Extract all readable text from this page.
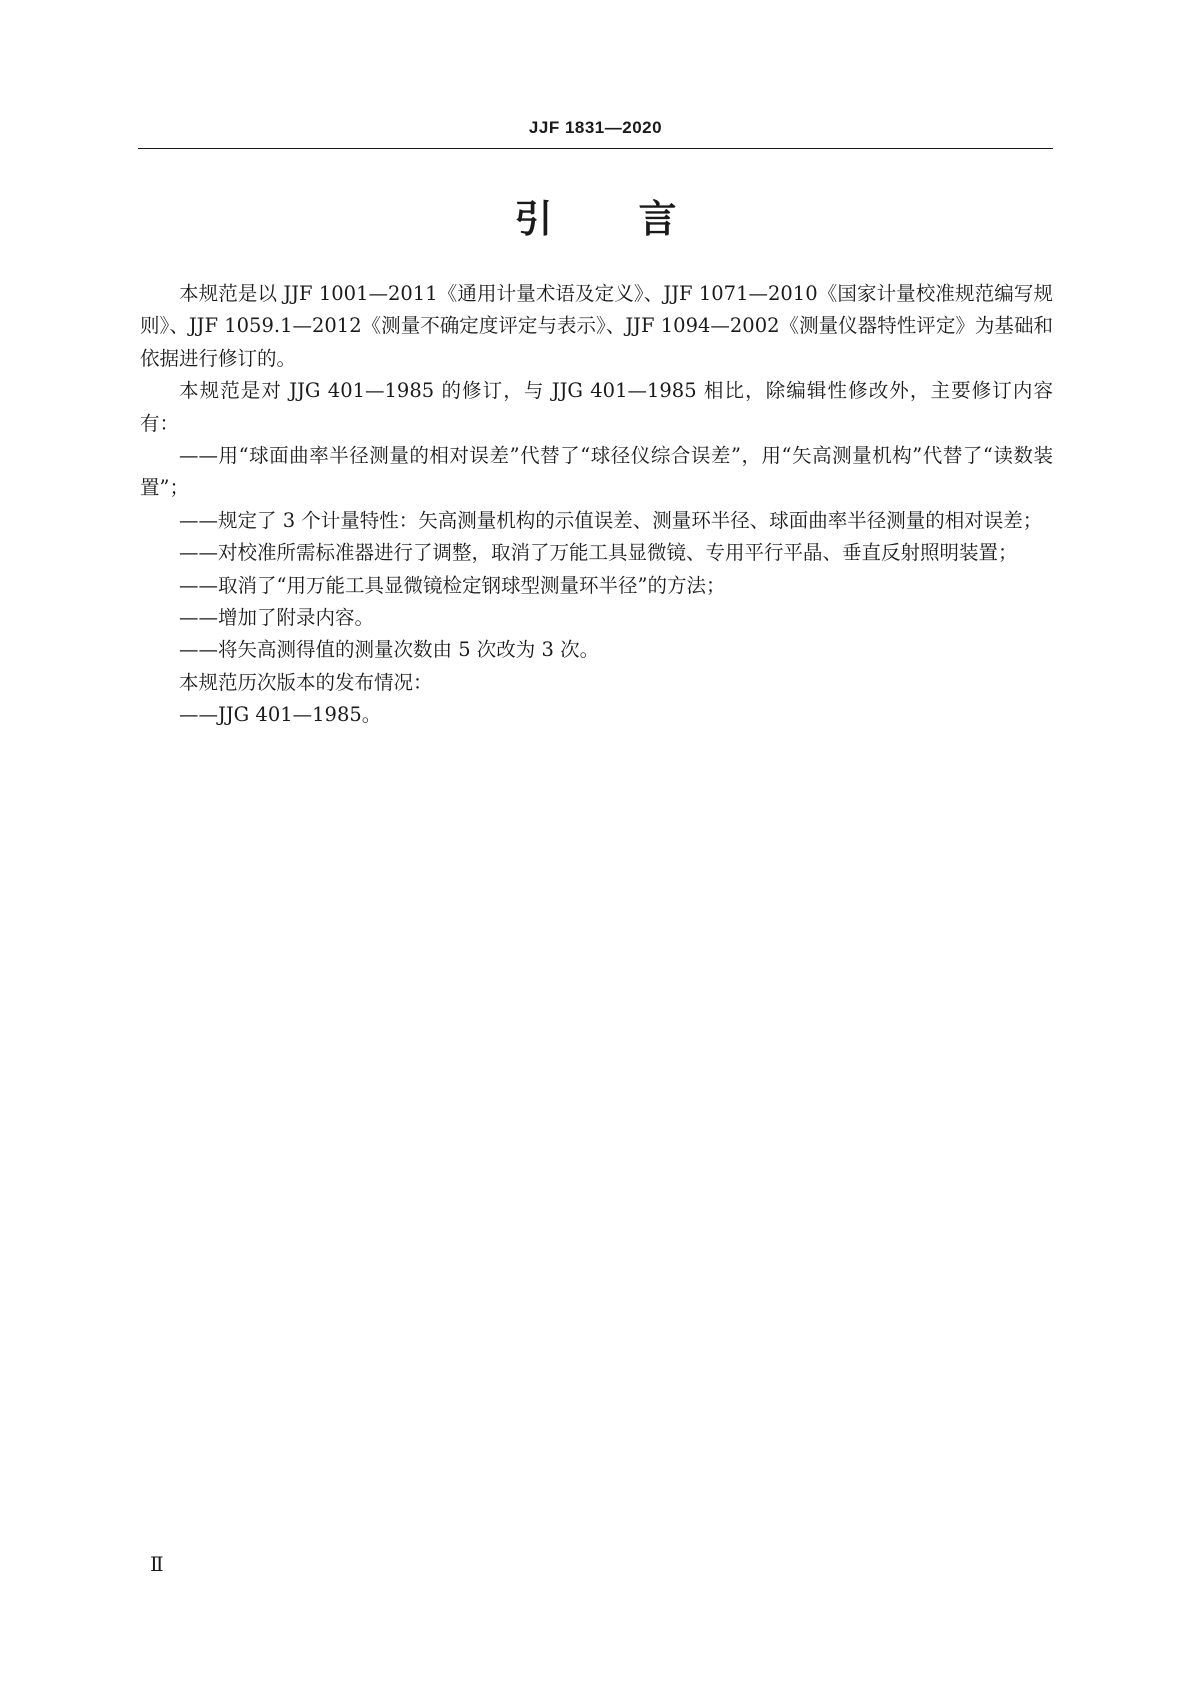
JJF 1831—2020
引 言

本规范是以 JJF 1001—2011《通用计量术语及定义》、JJF 1071—2010《国家计量校准规范编写规则》、JJF 1059.1—2012《测量不确定度评定与表示》、JJF 1094—2002《测量仪器特性评定》为基础和依据进行修订的。

本规范是对 JJG 401—1985 的修订，与 JJG 401—1985 相比，除编辑性修改外，主要修订内容有：

——用“球面曲率半径测量的相对误差”代替了“球径仪综合误差”，用“矢高测量机构”代替了“读数装置”；

——规定了 3 个计量特性：矢高测量机构的示值误差、测量环半径、球面曲率半径测量的相对误差；

——对校准所需标准器进行了调整，取消了万能工具显微镜、专用平行平晶、垂直反射照明装置；

——取消了“用万能工具显微镜检定钢球型测量环半径”的方法；

——增加了附录内容。

——将矢高测得值的测量次数由 5 次改为 3 次。

本规范历次版本的发布情况：

——JJG 401—1985。

Ⅱ
